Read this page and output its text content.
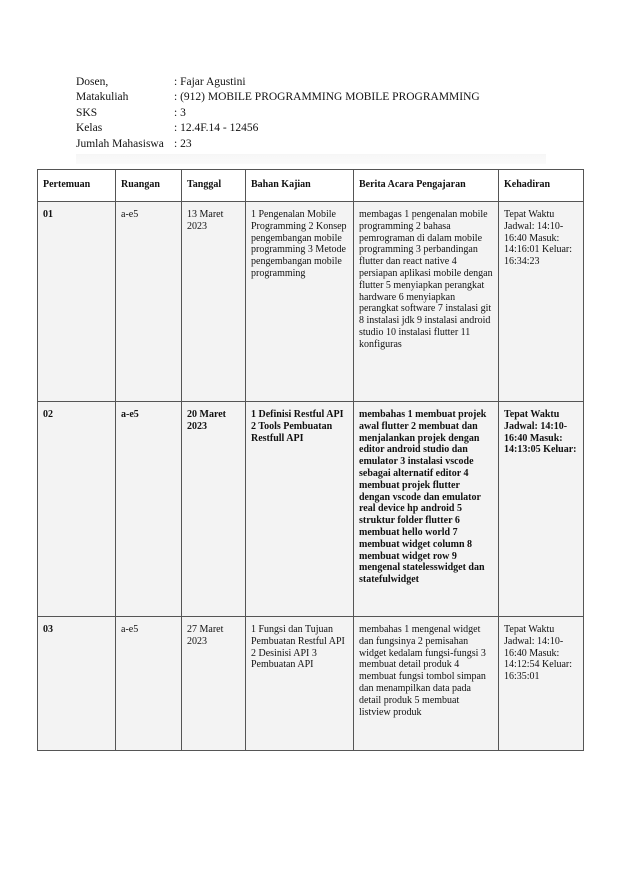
Dosen,	: Fajar Agustini
Matakuliah	: (912) MOBILE PROGRAMMING MOBILE PROGRAMMING
SKS	: 3
Kelas	: 12.4F.14 - 12456
Jumlah Mahasiswa : 23
Pertemuan	Ruangan	Tanggal	Bahan Kajian	Berita Acara Pengajaran	Kehadiran
01	a-e5	13 Maret 2023	1 Pengenalan Mobile Programming 2 Konsep pengembangan mobile programming 3 Metode pengembangan mobile programming	membagas 1 pengenalan mobile programming 2 bahasa pemrograman di dalam mobile programming 3 perbandingan flutter dan react native 4 persiapan aplikasi mobile dengan flutter 5 menyiapkan perangkat hardware 6 menyiapkan perangkat software 7 instalasi git 8 instalasi jdk 9 instalasi android studio 10 instalasi flutter 11 konfiguras	Tepat Waktu Jadwal: 14:10-16:40 Masuk: 14:16:01 Keluar: 16:34:23
02	a-e5	20 Maret 2023	1 Definisi Restful API 2 Tools Pembuatan Restfull API	membahas 1 membuat projek awal flutter 2 membuat dan menjalankan projek dengan editor android studio dan emulator 3 instalasi vscode sebagai alternatif editor 4 membuat projek flutter dengan vscode dan emulator real device hp android 5 struktur folder flutter 6 membuat hello world 7 membuat widget column 8 membuat widget row 9 mengenal statelesswidget dan statefulwidget	Tepat Waktu Jadwal: 14:10-16:40 Masuk: 14:13:05 Keluar:
03	a-e5	27 Maret 2023	1 Fungsi dan Tujuan Pembuatan Restful API 2 Desinisi API 3 Pembuatan API	membahas 1 mengenal widget dan fungsinya 2 pemisahan widget kedalam fungsi-fungsi 3 membuat detail produk 4 membuat fungsi tombol simpan dan menampilkan data pada detail produk 5 membuat listview produk	Tepat Waktu Jadwal: 14:10-16:40 Masuk: 14:12:54 Keluar: 16:35:01
